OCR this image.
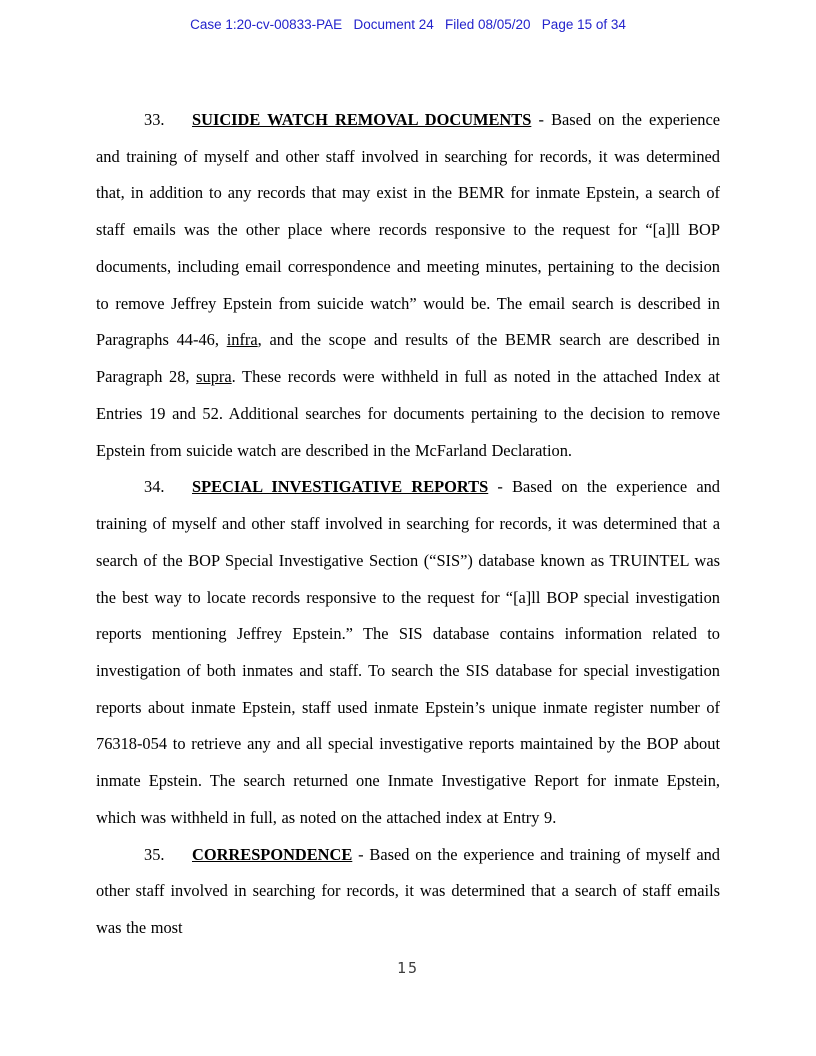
Case 1:20-cv-00833-PAE   Document 24   Filed 08/05/20   Page 15 of 34

33. SUICIDE WATCH REMOVAL DOCUMENTS - Based on the experience and training of myself and other staff involved in searching for records, it was determined that, in addition to any records that may exist in the BEMR for inmate Epstein, a search of staff emails was the other place where records responsive to the request for “[a]ll BOP documents, including email correspondence and meeting minutes, pertaining to the decision to remove Jeffrey Epstein from suicide watch” would be. The email search is described in Paragraphs 44-46, infra, and the scope and results of the BEMR search are described in Paragraph 28, supra. These records were withheld in full as noted in the attached Index at Entries 19 and 52. Additional searches for documents pertaining to the decision to remove Epstein from suicide watch are described in the McFarland Declaration.

34. SPECIAL INVESTIGATIVE REPORTS - Based on the experience and training of myself and other staff involved in searching for records, it was determined that a search of the BOP Special Investigative Section (“SIS”) database known as TRUINTEL was the best way to locate records responsive to the request for “[a]ll BOP special investigation reports mentioning Jeffrey Epstein.” The SIS database contains information related to investigation of both inmates and staff. To search the SIS database for special investigation reports about inmate Epstein, staff used inmate Epstein’s unique inmate register number of 76318-054 to retrieve any and all special investigative reports maintained by the BOP about inmate Epstein. The search returned one Inmate Investigative Report for inmate Epstein, which was withheld in full, as noted on the attached index at Entry 9.

35. CORRESPONDENCE - Based on the experience and training of myself and other staff involved in searching for records, it was determined that a search of staff emails was the most

15
